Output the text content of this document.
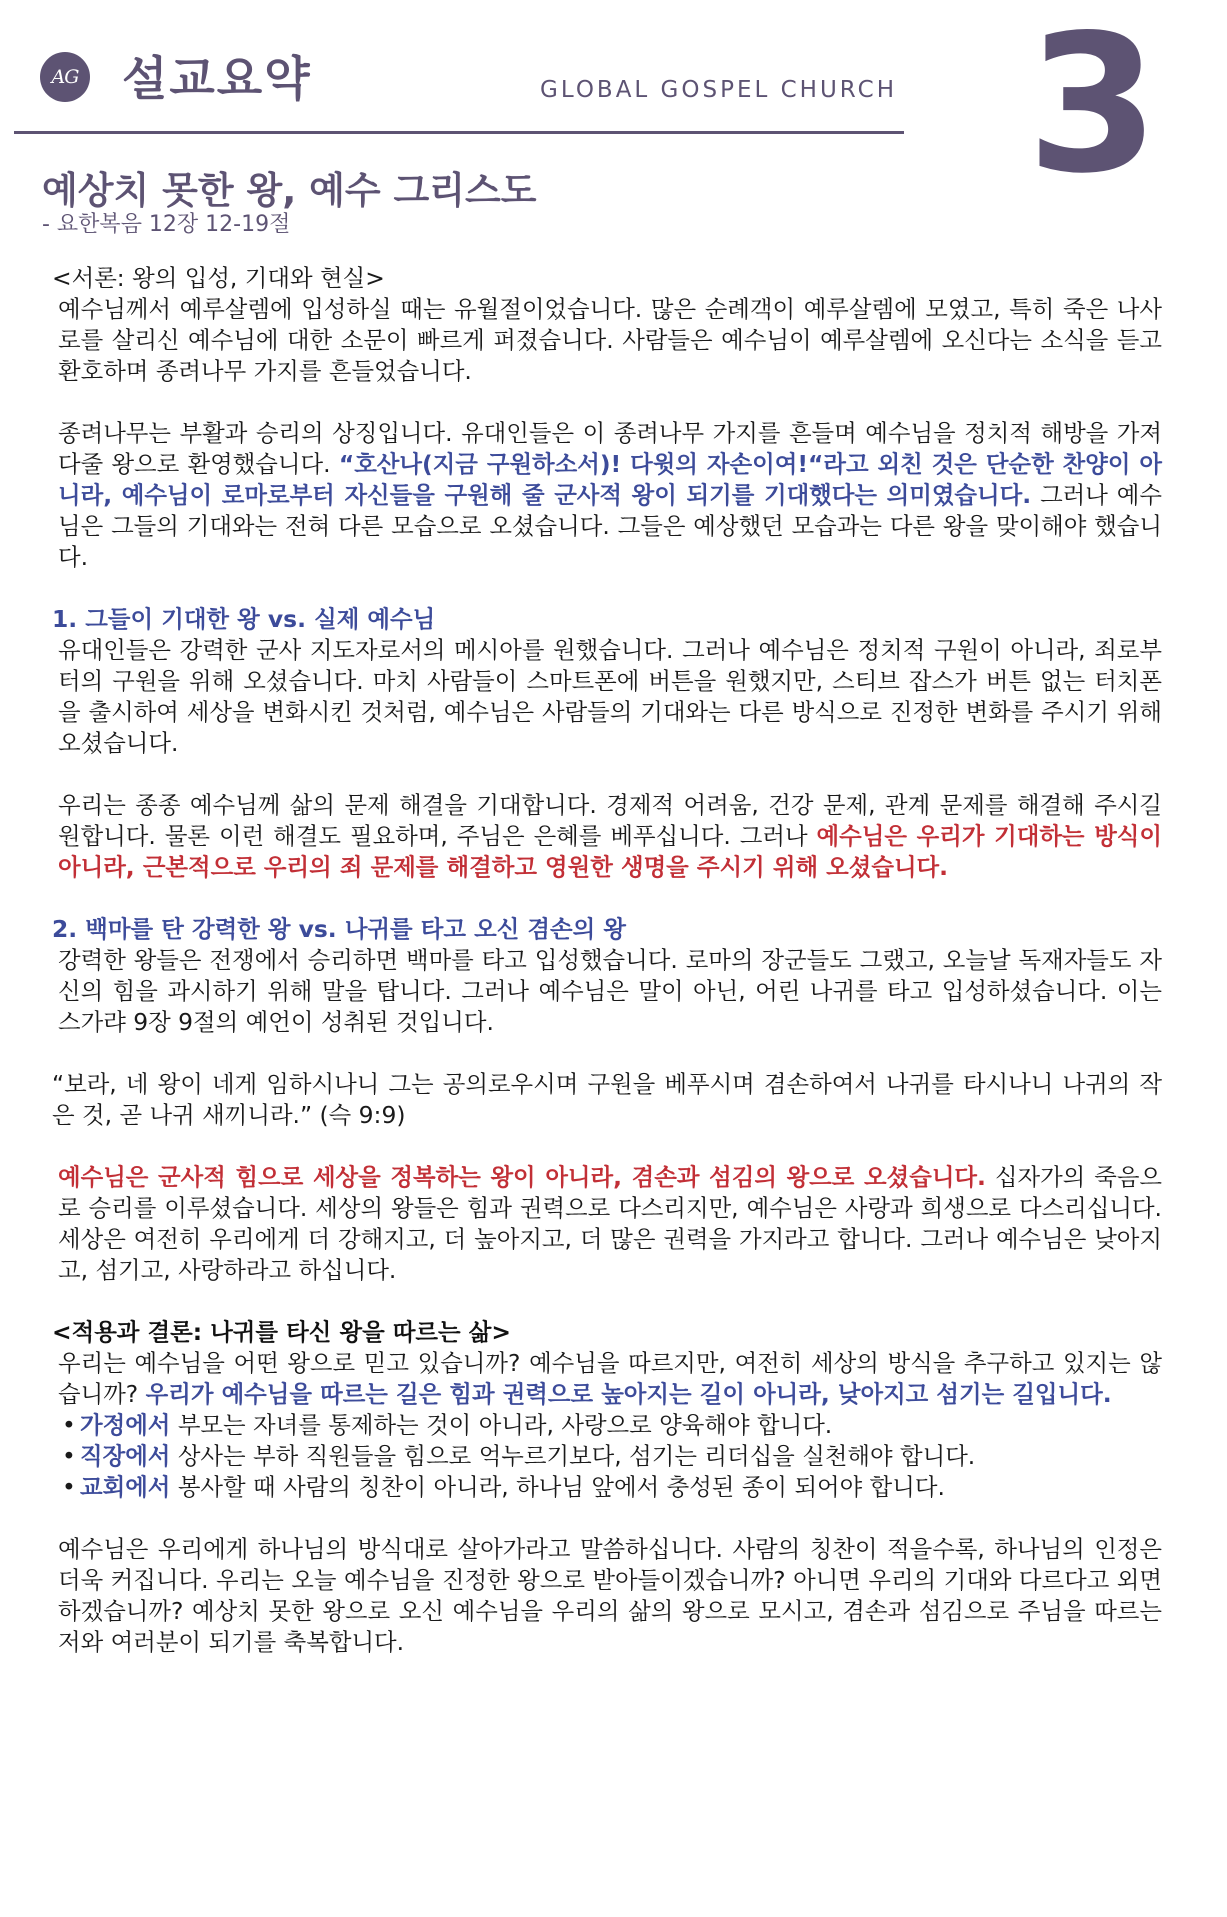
AG 설교요약	GLOBAL GOSPEL CHURCH 3
예상치 못한 왕, 예수 그리스도
- 요한복음 12장 12-19절

<서론: 왕의 입성, 기대와 현실>

예수님께서 예루살렘에 입성하실 때는 유월절이었습니다. 많은 순례객이 예루살렘에 모였고, 특히 죽은 나사로를 살리신 예수님에 대한 소문이 빠르게 퍼졌습니다. 사람들은 예수님이 예루살렘에 오신다는 소식을 듣고 환호하며 종려나무 가지를 흔들었습니다.

종려나무는 부활과 승리의 상징입니다. 유대인들은 이 종려나무 가지를 흔들며 예수님을 정치적 해방을 가져다줄 왕으로 환영했습니다. “호산나(지금 구원하소서)! 다윗의 자손이여!“라고 외친 것은 단순한 찬양이 아니라, 예수님이 로마로부터 자신들을 구원해 줄 군사적 왕이 되기를 기대했다는 의미였습니다. 그러나 예수님은 그들의 기대와는 전혀 다른 모습으로 오셨습니다. 그들은 예상했던 모습과는 다른 왕을 맞이해야 했습니다.

1. 그들이 기대한 왕 vs. 실제 예수님

유대인들은 강력한 군사 지도자로서의 메시아를 원했습니다. 그러나 예수님은 정치적 구원이 아니라, 죄로부터의 구원을 위해 오셨습니다. 마치 사람들이 스마트폰에 버튼을 원했지만, 스티브 잡스가 버튼 없는 터치폰을 출시하여 세상을 변화시킨 것처럼, 예수님은 사람들의 기대와는 다른 방식으로 진정한 변화를 주시기 위해 오셨습니다.

우리는 종종 예수님께 삶의 문제 해결을 기대합니다. 경제적 어려움, 건강 문제, 관계 문제를 해결해 주시길 원합니다. 물론 이런 해결도 필요하며, 주님은 은혜를 베푸십니다. 그러나 예수님은 우리가 기대하는 방식이 아니라, 근본적으로 우리의 죄 문제를 해결하고 영원한 생명을 주시기 위해 오셨습니다.

2. 백마를 탄 강력한 왕 vs. 나귀를 타고 오신 겸손의 왕

강력한 왕들은 전쟁에서 승리하면 백마를 타고 입성했습니다. 로마의 장군들도 그랬고, 오늘날 독재자들도 자신의 힘을 과시하기 위해 말을 탑니다. 그러나 예수님은 말이 아닌, 어린 나귀를 타고 입성하셨습니다. 이는 스가랴 9장 9절의 예언이 성취된 것입니다.

“보라, 네 왕이 네게 임하시나니 그는 공의로우시며 구원을 베푸시며 겸손하여서 나귀를 타시나니 나귀의 작은 것, 곧 나귀 새끼니라.” (슥 9:9)

예수님은 군사적 힘으로 세상을 정복하는 왕이 아니라, 겸손과 섬김의 왕으로 오셨습니다. 십자가의 죽음으로 승리를 이루셨습니다. 세상의 왕들은 힘과 권력으로 다스리지만, 예수님은 사랑과 희생으로 다스리십니다. 세상은 여전히 우리에게 더 강해지고, 더 높아지고, 더 많은 권력을 가지라고 합니다. 그러나 예수님은 낮아지고, 섬기고, 사랑하라고 하십니다.

<적용과 결론: 나귀를 타신 왕을 따르는 삶>

우리는 예수님을 어떤 왕으로 믿고 있습니까? 예수님을 따르지만, 여전히 세상의 방식을 추구하고 있지는 않습니까? 우리가 예수님을 따르는 길은 힘과 권력으로 높아지는 길이 아니라, 낮아지고 섬기는 길입니다.

• 가정에서 부모는 자녀를 통제하는 것이 아니라, 사랑으로 양육해야 합니다.
• 직장에서 상사는 부하 직원들을 힘으로 억누르기보다, 섬기는 리더십을 실천해야 합니다.
• 교회에서 봉사할 때 사람의 칭찬이 아니라, 하나님 앞에서 충성된 종이 되어야 합니다.

예수님은 우리에게 하나님의 방식대로 살아가라고 말씀하십니다. 사람의 칭찬이 적을수록, 하나님의 인정은 더욱 커집니다. 우리는 오늘 예수님을 진정한 왕으로 받아들이겠습니까? 아니면 우리의 기대와 다르다고 외면하겠습니까? 예상치 못한 왕으로 오신 예수님을 우리의 삶의 왕으로 모시고, 겸손과 섬김으로 주님을 따르는 저와 여러분이 되기를 축복합니다.
